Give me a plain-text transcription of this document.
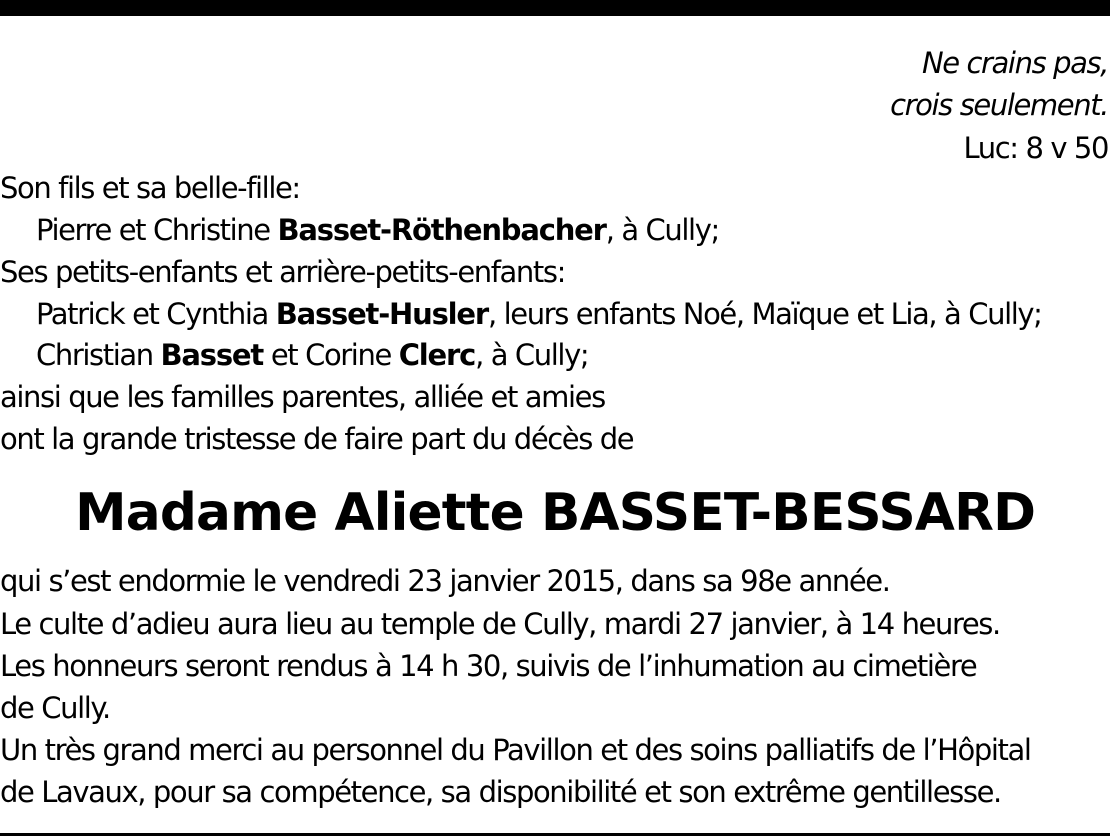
Ne crains pas,
crois seulement.
Luc: 8 v 50
Son fils et sa belle-fille:
Pierre et Christine Basset-Röthenbacher, à Cully;
Ses petits-enfants et arrière-petits-enfants:
Patrick et Cynthia Basset-Husler, leurs enfants Noé, Maïque et Lia, à Cully;
Christian Basset et Corine Clerc, à Cully;
ainsi que les familles parentes, alliée et amies
ont la grande tristesse de faire part du décès de
Madame Aliette BASSET-BESSARD
qui s’est endormie le vendredi 23 janvier 2015, dans sa 98e année.
Le culte d’adieu aura lieu au temple de Cully, mardi 27 janvier, à 14 heures.
Les honneurs seront rendus à 14 h 30, suivis de l’inhumation au cimetière
de Cully.
Un très grand merci au personnel du Pavillon et des soins palliatifs de l’Hôpital
de Lavaux, pour sa compétence, sa disponibilité et son extrême gentillesse.
